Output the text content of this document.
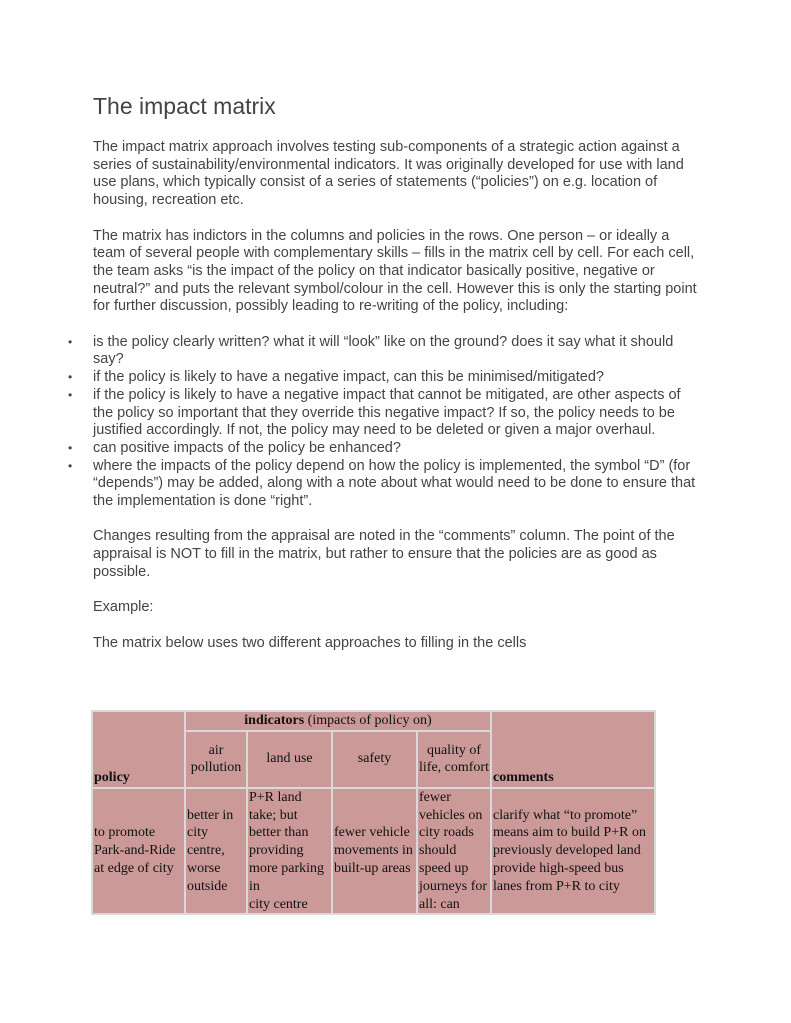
The impact matrix

The impact matrix approach involves testing sub-components of a strategic action against a series of sustainability/environmental indicators. It was originally developed for use with land use plans, which typically consist of a series of statements (“policies”) on e.g. location of housing, recreation etc.

The matrix has indictors in the columns and policies in the rows. One person – or ideally a team of several people with complementary skills – fills in the matrix cell by cell. For each cell, the team asks “is the impact of the policy on that indicator basically positive, negative or neutral?” and puts the relevant symbol/colour in the cell. However this is only the starting point for further discussion, possibly leading to re-writing of the policy, including:

• is the policy clearly written? what it will “look” like on the ground? does it say what it should say?
• if the policy is likely to have a negative impact, can this be minimised/mitigated?
• if the policy is likely to have a negative impact that cannot be mitigated, are other aspects of the policy so important that they override this negative impact? If so, the policy needs to be justified accordingly. If not, the policy may need to be deleted or given a major overhaul.
• can positive impacts of the policy be enhanced?
• where the impacts of the policy depend on how the policy is implemented, the symbol “D” (for “depends”) may be added, along with a note about what would need to be done to ensure that the implementation is done “right”.

Changes resulting from the appraisal are noted in the “comments” column. The point of the appraisal is NOT to fill in the matrix, but rather to ensure that the policies are as good as possible.

Example:

The matrix below uses two different approaches to filling in the cells

policy	indicators (impacts of policy on)				comments
	air pollution	land use	safety	quality of life, comfort	
to promote Park-and-Ride at edge of city	better in city centre, worse outside	P+R land take; but
better than providing
more parking in
city centre	fewer vehicle movements in built-up areas	fewer vehicles on city roads should speed up journeys for all: can	clarify what “to promote” means aim to build P+R on previously developed land provide high-speed bus lanes from P+R to city
